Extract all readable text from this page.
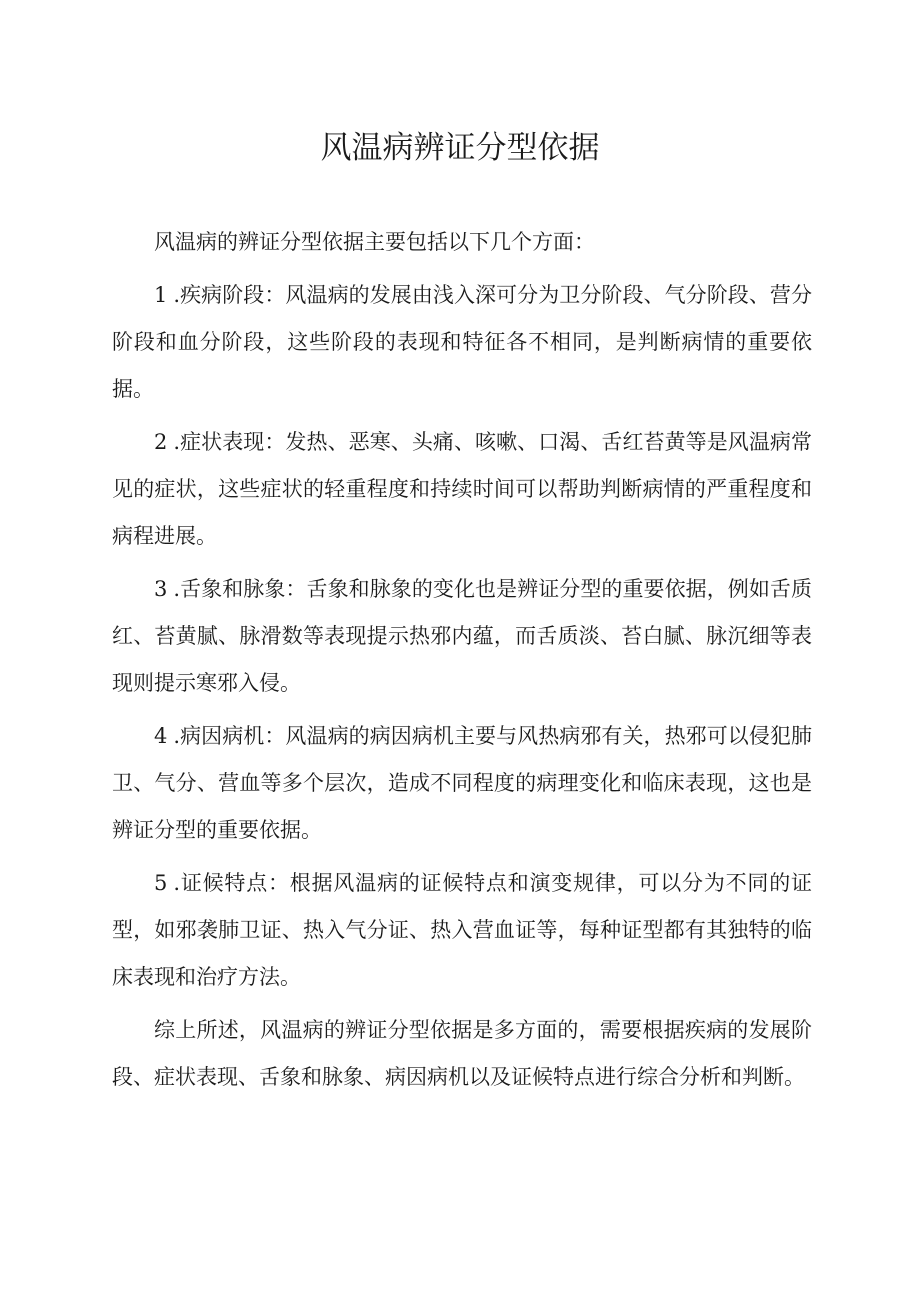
风温病辨证分型依据

风温病的辨证分型依据主要包括以下几个方面：

1 .疾病阶段：风温病的发展由浅入深可分为卫分阶段、气分阶段、营分阶段和血分阶段，这些阶段的表现和特征各不相同，是判断病情的重要依据。

2 .症状表现：发热、恶寒、头痛、咳嗽、口渴、舌红苔黄等是风温病常见的症状，这些症状的轻重程度和持续时间可以帮助判断病情的严重程度和病程进展。

3 .舌象和脉象：舌象和脉象的变化也是辨证分型的重要依据，例如舌质红、苔黄腻、脉滑数等表现提示热邪内蕴，而舌质淡、苔白腻、脉沉细等表现则提示寒邪入侵。

4 .病因病机：风温病的病因病机主要与风热病邪有关，热邪可以侵犯肺卫、气分、营血等多个层次，造成不同程度的病理变化和临床表现，这也是辨证分型的重要依据。

5 .证候特点：根据风温病的证候特点和演变规律，可以分为不同的证型，如邪袭肺卫证、热入气分证、热入营血证等，每种证型都有其独特的临床表现和治疗方法。

综上所述，风温病的辨证分型依据是多方面的，需要根据疾病的发展阶段、症状表现、舌象和脉象、病因病机以及证候特点进行综合分析和判断。
